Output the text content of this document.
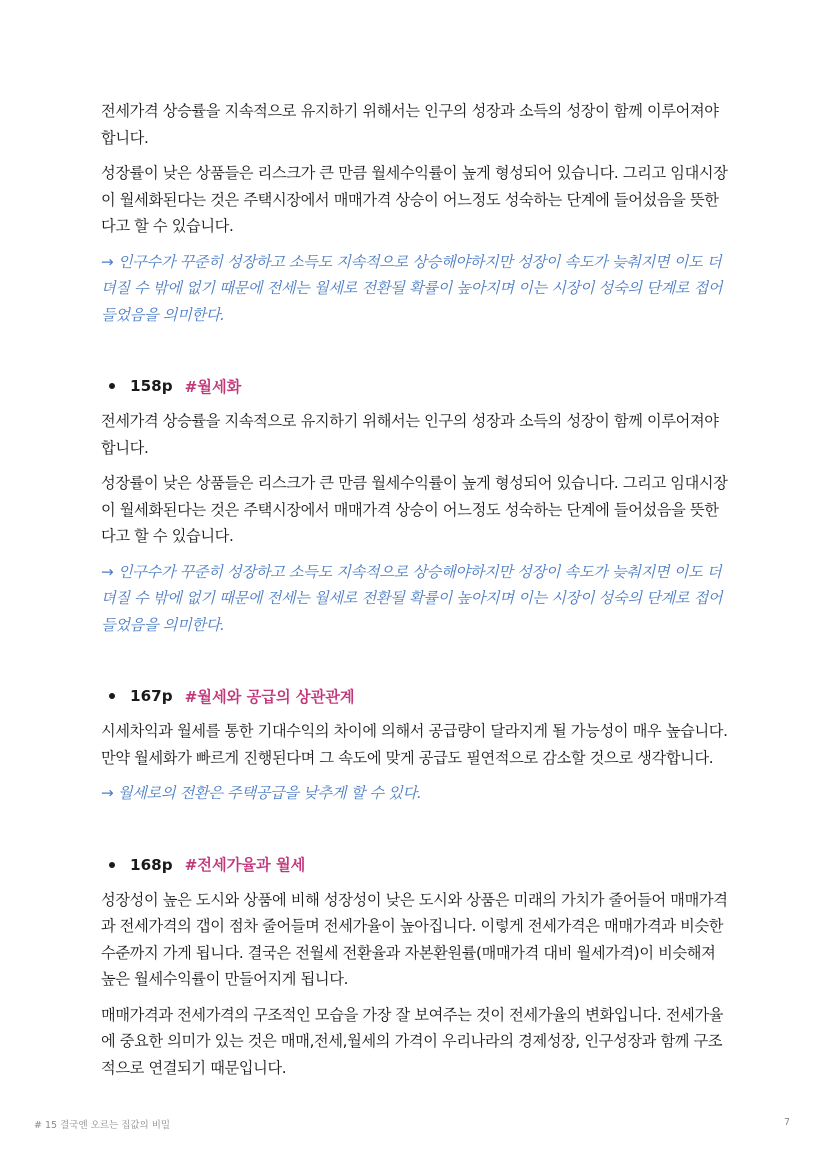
전세가격 상승률을 지속적으로 유지하기 위해서는 인구의 성장과 소득의 성장이 함께 이루어져야 합니다.

성장률이 낮은 상품들은 리스크가 큰 만큼 월세수익률이 높게 형성되어 있습니다. 그리고 임대시장이 월세화된다는 것은 주택시장에서 매매가격 상승이 어느정도 성숙하는 단계에 들어섰음을 뜻한다고 할 수 있습니다.

→ 인구수가 꾸준히 성장하고 소득도 지속적으로 상승해야하지만 성장이 속도가 늦춰지면 이도 더뎌질 수 밖에 없기 때문에 전세는 월세로 전환될 확률이 높아지며 이는 시장이 성숙의 단계로 접어들었음을 의미한다.

158p #월세화

전세가격 상승률을 지속적으로 유지하기 위해서는 인구의 성장과 소득의 성장이 함께 이루어져야 합니다.

성장률이 낮은 상품들은 리스크가 큰 만큼 월세수익률이 높게 형성되어 있습니다. 그리고 임대시장이 월세화된다는 것은 주택시장에서 매매가격 상승이 어느정도 성숙하는 단계에 들어섰음을 뜻한다고 할 수 있습니다.

→ 인구수가 꾸준히 성장하고 소득도 지속적으로 상승해야하지만 성장이 속도가 늦춰지면 이도 더뎌질 수 밖에 없기 때문에 전세는 월세로 전환될 확률이 높아지며 이는 시장이 성숙의 단계로 접어들었음을 의미한다.

167p #월세와 공급의 상관관계

시세차익과 월세를 통한 기대수익의 차이에 의해서 공급량이 달라지게 될 가능성이 매우 높습니다. 만약 월세화가 빠르게 진행된다며 그 속도에 맞게 공급도 필연적으로 감소할 것으로 생각합니다.

→ 월세로의 전환은 주택공급을 낮추게 할 수 있다.

168p #전세가율과 월세

성장성이 높은 도시와 상품에 비해 성장성이 낮은 도시와 상품은 미래의 가치가 줄어들어 매매가격과 전세가격의 갭이 점차 줄어들며 전세가율이 높아집니다. 이렇게 전세가격은 매매가격과 비슷한 수준까지 가게 됩니다. 결국은 전월세 전환율과 자본환원률(매매가격 대비 월세가격)이 비슷해져 높은 월세수익률이 만들어지게 됩니다.

매매가격과 전세가격의 구조적인 모습을 가장 잘 보여주는 것이 전세가율의 변화입니다. 전세가율에 중요한 의미가 있는 것은 매매,전세,월세의 가격이 우리나라의 경제성장, 인구성장과 함께 구조적으로 연결되기 때문입니다.

# 15 결국엔 오르는 집값의 비밀	7
